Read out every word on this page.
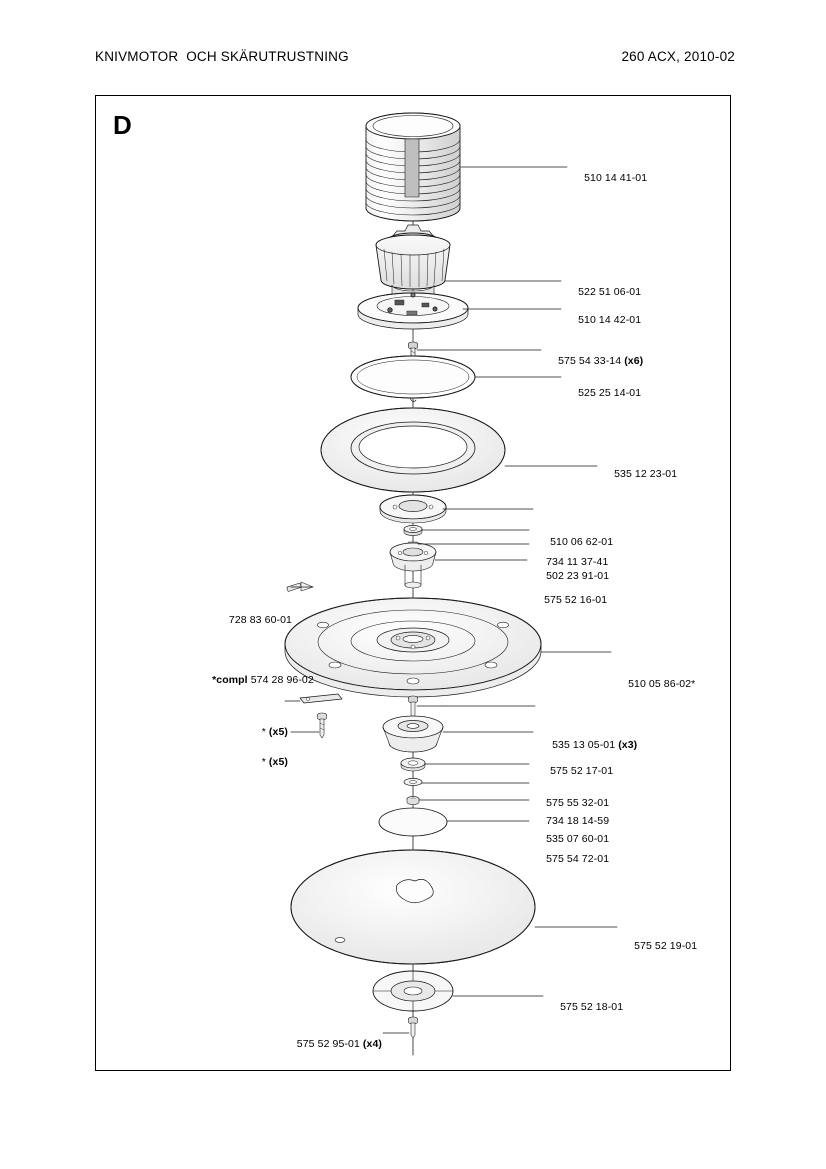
KNIVMOTOR  OCH SKÄRUTRUSTNING	260 ACX, 2010-02
D

510 14 41-01

522 51 06-01

510 14 42-01

575 54 33-14 (x6)

525 25 14-01

535 12 23-01

510 06 62-01

734 11 37-41

502 23 91-01

575 52 16-01

728 83 60-01

*compl 574 28 96-02
	510 05 86-02*

* (x5)

* (x5)

535 13 05-01 (x3)

575 52 17-01

575 55 32-01

734 18 14-59

535 07 60-01

575 54 72-01

575 52 19-01

575 52 18-01

575 52 95-01 (x4)
